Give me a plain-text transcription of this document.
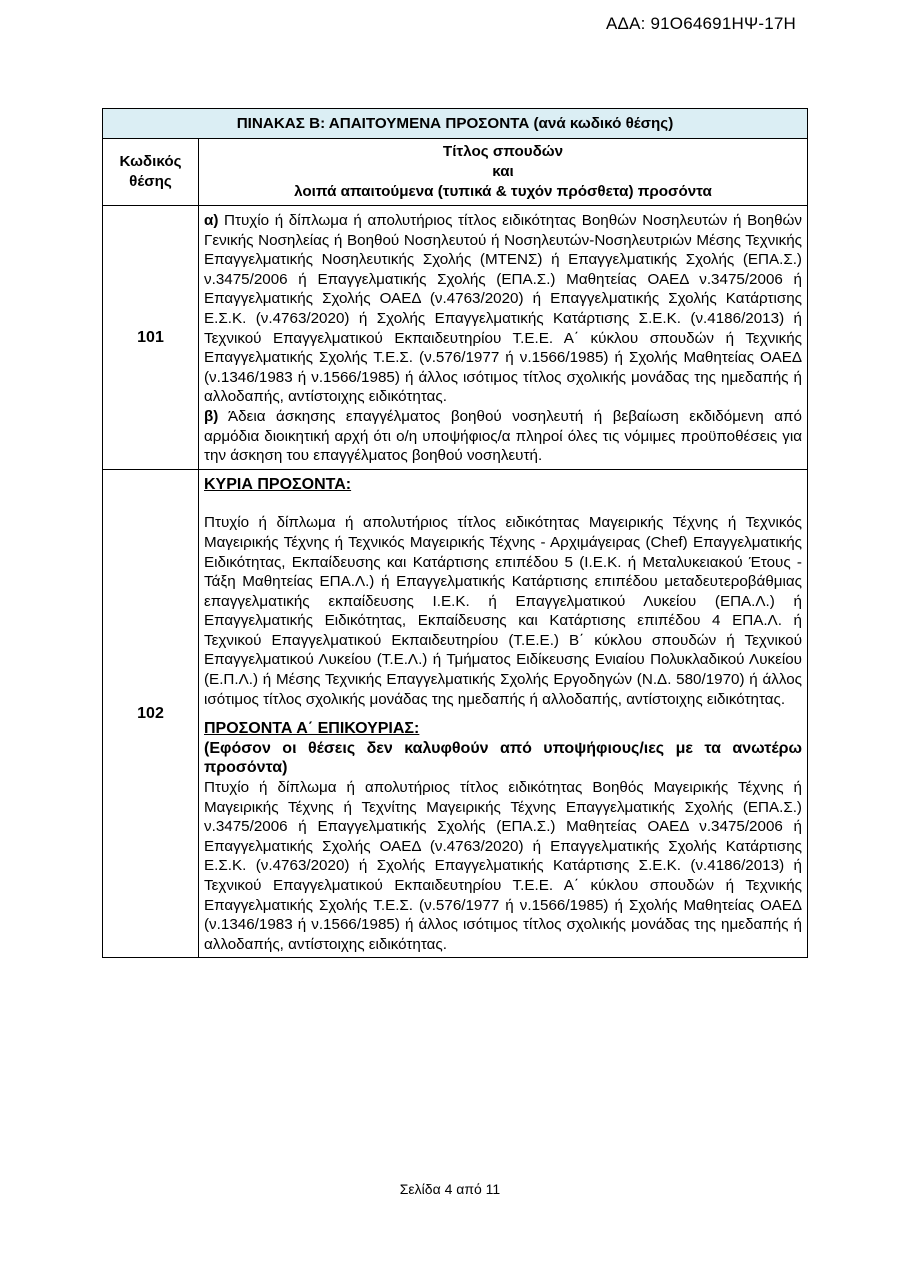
ΑΔΑ: 91Ο64691ΗΨ-17Η
ΠΙΝΑΚΑΣ Β: ΑΠΑΙΤΟΥΜΕΝΑ ΠΡΟΣΟΝΤΑ (ανά κωδικό θέσης)	
Κωδικός θέσης	Τίτλος σπουδών
και
λοιπά απαιτούμενα (τυπικά & τυχόν πρόσθετα) προσόντα

101	α) Πτυχίο ή δίπλωμα ή απολυτήριος τίτλος ειδικότητας Βοηθών Νοσηλευτών ή Βοηθών Γενικής Νοσηλείας ή Βοηθού Νοσηλευτού ή Νοσηλευτών-Νοσηλευτριών Μέσης Τεχνικής Επαγγελματικής Νοσηλευτικής Σχολής (ΜΤΕΝΣ) ή Επαγγελματικής Σχολής (ΕΠΑ.Σ.) ν.3475/2006 ή Επαγγελματικής Σχολής (ΕΠΑ.Σ.) Μαθητείας ΟΑΕΔ ν.3475/2006 ή Επαγγελματικής Σχολής ΟΑΕΔ (ν.4763/2020) ή Επαγγελματικής Σχολής Κατάρτισης Ε.Σ.Κ. (ν.4763/2020) ή Σχολής Επαγγελματικής Κατάρτισης Σ.Ε.Κ. (ν.4186/2013) ή Τεχνικού Επαγγελματικού Εκπαιδευτηρίου Τ.Ε.Ε. Α΄ κύκλου σπουδών ή Τεχνικής Επαγγελματικής Σχολής Τ.Ε.Σ. (ν.576/1977 ή ν.1566/1985) ή Σχολής Μαθητείας ΟΑΕΔ (ν.1346/1983 ή ν.1566/1985) ή άλλος ισότιμος τίτλος σχολικής μονάδας της ημεδαπής ή αλλοδαπής, αντίστοιχης ειδικότητας.

β) Άδεια άσκησης επαγγέλματος βοηθού νοσηλευτή ή βεβαίωση εκδιδόμενη από αρμόδια διοικητική αρχή ότι ο/η υποψήφιος/α πληροί όλες τις νόμιμες προϋποθέσεις για την άσκηση του επαγγέλματος βοηθού νοσηλευτή.

102	ΚΥΡΙΑ ΠΡΟΣΟΝΤΑ:

Πτυχίο ή δίπλωμα ή απολυτήριος τίτλος ειδικότητας Μαγειρικής Τέχνης ή Τεχνικός Μαγειρικής Τέχνης ή Τεχνικός Μαγειρικής Τέχνης - Αρχιμάγειρας (Chef) Επαγγελματικής Ειδικότητας, Εκπαίδευσης και Κατάρτισης επιπέδου 5 (Ι.Ε.Κ. ή Μεταλυκειακού Έτους - Τάξη Μαθητείας ΕΠΑ.Λ.) ή Επαγγελματικής Κατάρτισης επιπέδου μεταδευτεροβάθμιας επαγγελματικής εκπαίδευσης Ι.Ε.Κ. ή Επαγγελματικού Λυκείου (ΕΠΑ.Λ.) ή Επαγγελματικής Ειδικότητας, Εκπαίδευσης και Κατάρτισης επιπέδου 4 ΕΠΑ.Λ. ή Τεχνικού Επαγγελματικού Εκπαιδευτηρίου (Τ.Ε.Ε.) Β΄ κύκλου σπουδών ή Τεχνικού Επαγγελματικού Λυκείου (Τ.Ε.Λ.) ή Τμήματος Ειδίκευσης Ενιαίου Πολυκλαδικού Λυκείου (Ε.Π.Λ.) ή Μέσης Τεχνικής Επαγγελματικής Σχολής Εργοδηγών (Ν.Δ. 580/1970) ή άλλος ισότιμος τίτλος σχολικής μονάδας της ημεδαπής ή αλλοδαπής, αντίστοιχης ειδικότητας.

ΠΡΟΣΟΝΤΑ Α΄ ΕΠΙΚΟΥΡΙΑΣ:

(Εφόσον οι θέσεις δεν καλυφθούν από υποψήφιους/ιες με τα ανωτέρω προσόντα)

Πτυχίο ή δίπλωμα ή απολυτήριος τίτλος ειδικότητας Βοηθός Μαγειρικής Τέχνης ή Μαγειρικής Τέχνης ή Τεχνίτης Μαγειρικής Τέχνης Επαγγελματικής Σχολής (ΕΠΑ.Σ.) ν.3475/2006 ή Επαγγελματικής Σχολής (ΕΠΑ.Σ.) Μαθητείας ΟΑΕΔ ν.3475/2006 ή Επαγγελματικής Σχολής ΟΑΕΔ (ν.4763/2020) ή Επαγγελματικής Σχολής Κατάρτισης Ε.Σ.Κ. (ν.4763/2020) ή Σχολής Επαγγελματικής Κατάρτισης Σ.Ε.Κ. (ν.4186/2013) ή Τεχνικού Επαγγελματικού Εκπαιδευτηρίου Τ.Ε.Ε. Α΄ κύκλου σπουδών ή Τεχνικής Επαγγελματικής Σχολής Τ.Ε.Σ. (ν.576/1977 ή ν.1566/1985) ή Σχολής Μαθητείας ΟΑΕΔ (ν.1346/1983 ή ν.1566/1985) ή άλλος ισότιμος τίτλος σχολικής μονάδας της ημεδαπής ή αλλοδαπής, αντίστοιχης ειδικότητας.

Σελίδα 4 από 11
